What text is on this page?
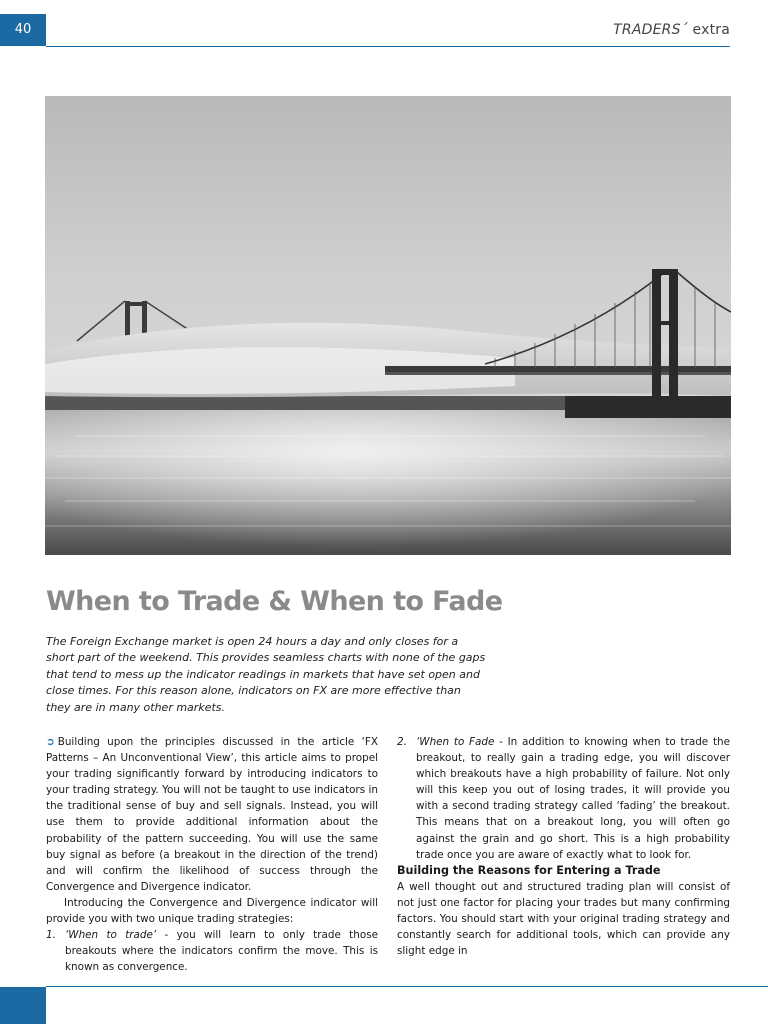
40	TRADERS´ extra
When to Trade & When to Fade

The Foreign Exchange market is open 24 hours a day and only closes for a short part of the weekend. This provides seamless charts with none of the gaps that tend to mess up the indicator readings in markets that have set open and close times. For this reason alone, indicators on FX are more effective than they are in many other markets.

➲ Building upon the principles discussed in the article ‘FX Patterns – An Unconventional View’, this article aims to propel your trading significantly forward by introducing indicators to your trading strategy. You will not be taught to use indicators in the traditional sense of buy and sell signals. Instead, you will use them to provide additional information about the probability of the pattern succeeding. You will use the same buy signal as before (a breakout in the direction of the trend) and will confirm the likelihood of success through the Convergence and Divergence indicator.

Introducing the Convergence and Divergence indicator will provide you with two unique trading strategies:

1. ‘When to trade’ - you will learn to only trade those breakouts where the indicators confirm the move. This is known as convergence.
2. ‘When to Fade - In addition to knowing when to trade the breakout, to really gain a trading edge, you will discover which breakouts have a high probability of failure. Not only will this keep you out of losing trades, it will provide you with a second trading strategy called ‘fading’ the breakout. This means that on a breakout long, you will often go against the grain and go short. This is a high probability trade once you are aware of exactly what to look for.

Building the Reasons for Entering a Trade

A well thought out and structured trading plan will consist of not just one factor for placing your trades but many confirming factors. You should start with your original trading strategy and constantly search for additional tools, which can provide any slight edge in
